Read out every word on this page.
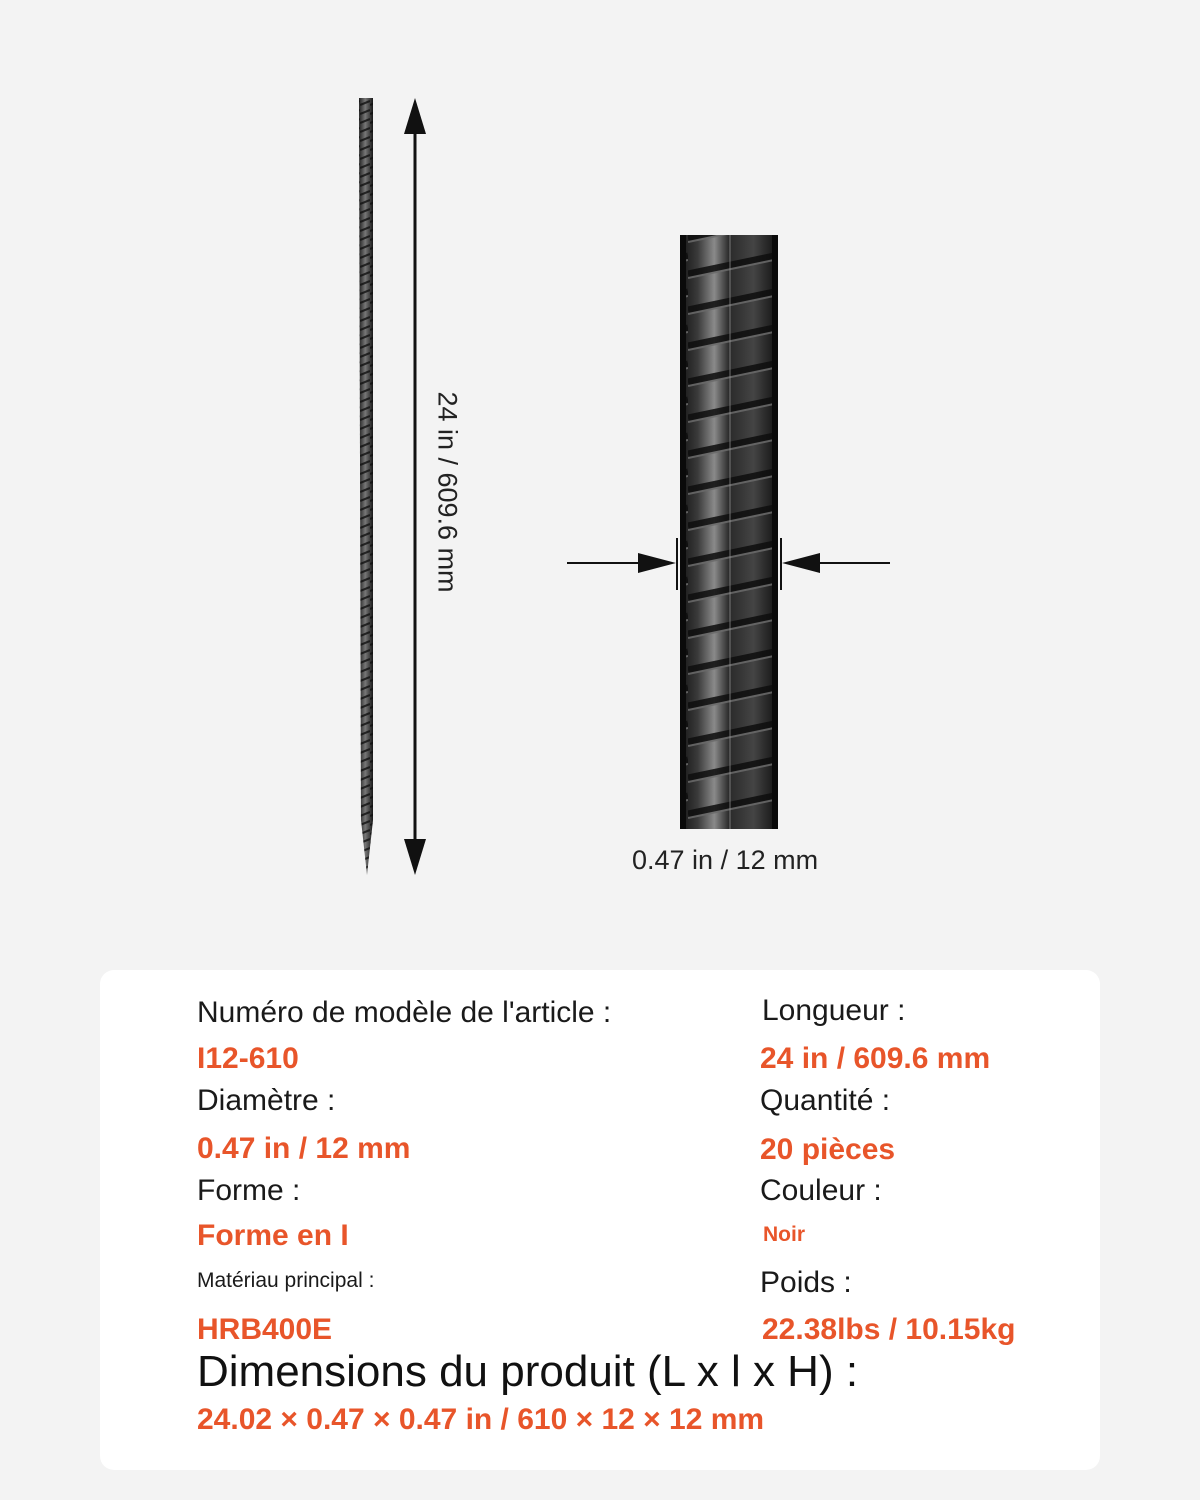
24 in / 609.6 mm
0.47 in / 12 mm
Numéro de modèle de l'article :
I12-610
Diamètre :
0.47 in / 12 mm
Forme :
Forme en I
Matériau principal :
HRB400E
Longueur :
24 in / 609.6 mm
Quantité :
20 pièces
Couleur :
Noir
Poids :
22.38lbs / 10.15kg
Dimensions du produit (L x l x H) :
24.02 × 0.47 × 0.47 in / 610 × 12 × 12 mm
